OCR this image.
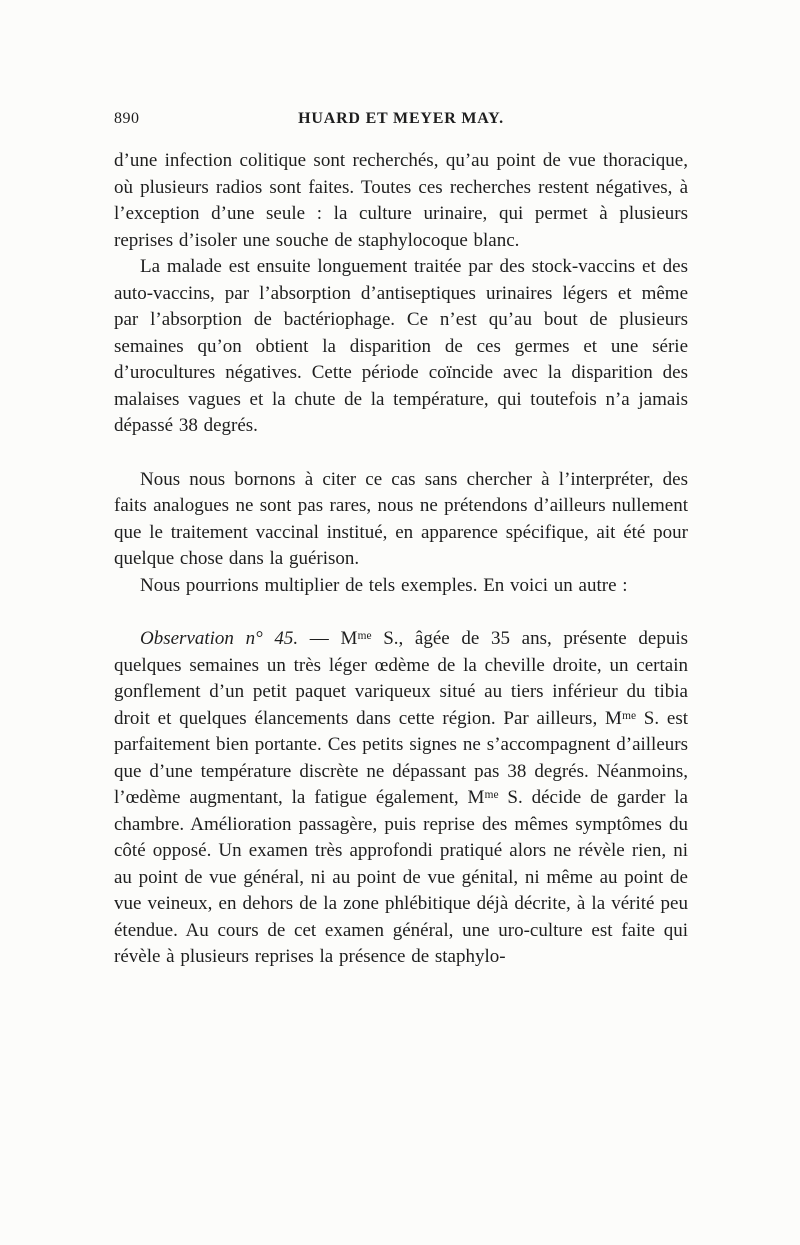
890	HUARD ET MEYER MAY.

d’une infection colitique sont recherchés, qu’au point de vue thoracique, où plusieurs radios sont faites. Toutes ces recherches restent négatives, à l’exception d’une seule : la culture urinaire, qui permet à plusieurs reprises d’isoler une souche de staphylocoque blanc.

La malade est ensuite longuement traitée par des stock-vaccins et des auto-vaccins, par l’absorption d’antiseptiques urinaires légers et même par l’absorption de bactériophage. Ce n’est qu’au bout de plusieurs semaines qu’on obtient la disparition de ces germes et une série d’urocultures négatives. Cette période coïncide avec la disparition des malaises vagues et la chute de la température, qui toutefois n’a jamais dépassé 38 degrés.

Nous nous bornons à citer ce cas sans chercher à l’interpréter, des faits analogues ne sont pas rares, nous ne prétendons d’ailleurs nullement que le traitement vaccinal institué, en apparence spécifique, ait été pour quelque chose dans la guérison.

Nous pourrions multiplier de tels exemples. En voici un autre :

Observation n° 45. — Mᵐᵉ S., âgée de 35 ans, présente depuis quelques semaines un très léger œdème de la cheville droite, un certain gonflement d’un petit paquet variqueux situé au tiers inférieur du tibia droit et quelques élancements dans cette région. Par ailleurs, Mᵐᵉ S. est parfaitement bien portante. Ces petits signes ne s’accompagnent d’ailleurs que d’une température discrète ne dépassant pas 38 degrés. Néanmoins, l’œdème augmentant, la fatigue également, Mᵐᵉ S. décide de garder la chambre. Amélioration passagère, puis reprise des mêmes symptômes du côté opposé. Un examen très approfondi pratiqué alors ne révèle rien, ni au point de vue général, ni au point de vue génital, ni même au point de vue veineux, en dehors de la zone phlébitique déjà décrite, à la vérité peu étendue. Au cours de cet examen général, une uro-culture est faite qui révèle à plusieurs reprises la présence de staphylo-
